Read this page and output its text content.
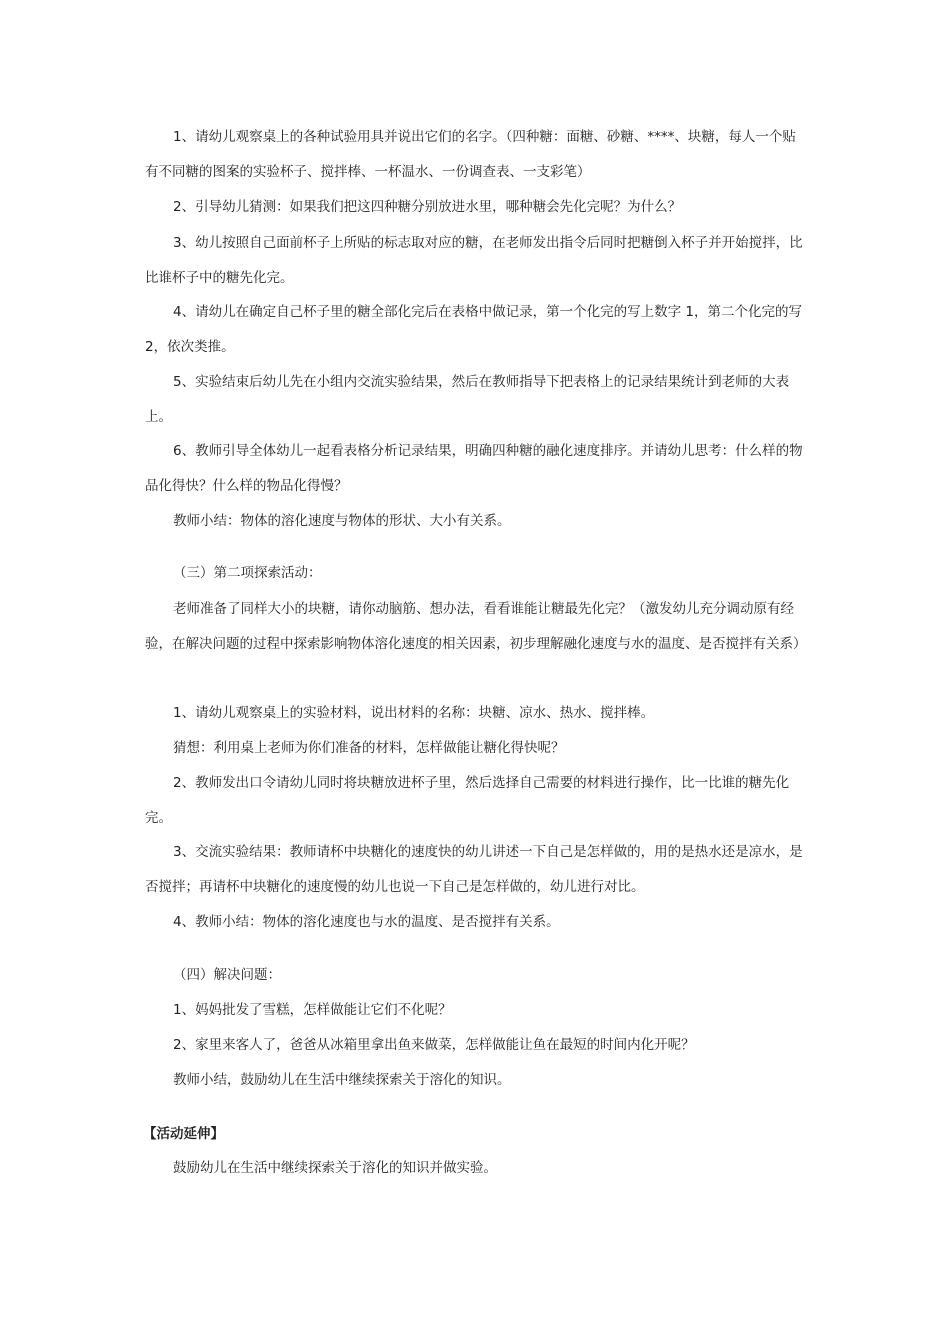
1、请幼儿观察桌上的各种试验用具并说出它们的名字。（四种糖：面糖、砂糖、****、块糖，每人一个贴有不同糖的图案的实验杯子、搅拌棒、一杯温水、一份调查表、一支彩笔）

2、引导幼儿猜测：如果我们把这四种糖分别放进水里，哪种糖会先化完呢？为什么？

3、幼儿按照自己面前杯子上所贴的标志取对应的糖，在老师发出指令后同时把糖倒入杯子并开始搅拌，比比谁杯子中的糖先化完。

4、请幼儿在确定自己杯子里的糖全部化完后在表格中做记录，第一个化完的写上数字 1，第二个化完的写 2，依次类推。

5、实验结束后幼儿先在小组内交流实验结果，然后在教师指导下把表格上的记录结果统计到老师的大表上。

6、教师引导全体幼儿一起看表格分析记录结果，明确四种糖的融化速度排序。并请幼儿思考：什么样的物品化得快？什么样的物品化得慢？

教师小结：物体的溶化速度与物体的形状、大小有关系。

（三）第二项探索活动：

老师准备了同样大小的块糖，请你动脑筋、想办法，看看谁能让糖最先化完？（激发幼儿充分调动原有经验，在解决问题的过程中探索影响物体溶化速度的相关因素，初步理解融化速度与水的温度、是否搅拌有关系）

1、请幼儿观察桌上的实验材料，说出材料的名称：块糖、凉水、热水、搅拌棒。

猜想：利用桌上老师为你们准备的材料，怎样做能让糖化得快呢？

2、教师发出口令请幼儿同时将块糖放进杯子里，然后选择自己需要的材料进行操作，比一比谁的糖先化完。

3、交流实验结果：教师请杯中块糖化的速度快的幼儿讲述一下自己是怎样做的，用的是热水还是凉水，是否搅拌；再请杯中块糖化的速度慢的幼儿也说一下自己是怎样做的，幼儿进行对比。

4、教师小结：物体的溶化速度也与水的温度、是否搅拌有关系。

（四）解决问题：

1、妈妈批发了雪糕，怎样做能让它们不化呢？

2、家里来客人了，爸爸从冰箱里拿出鱼来做菜，怎样做能让鱼在最短的时间内化开呢？

教师小结，鼓励幼儿在生活中继续探索关于溶化的知识。

【活动延伸】

鼓励幼儿在生活中继续探索关于溶化的知识并做实验。
